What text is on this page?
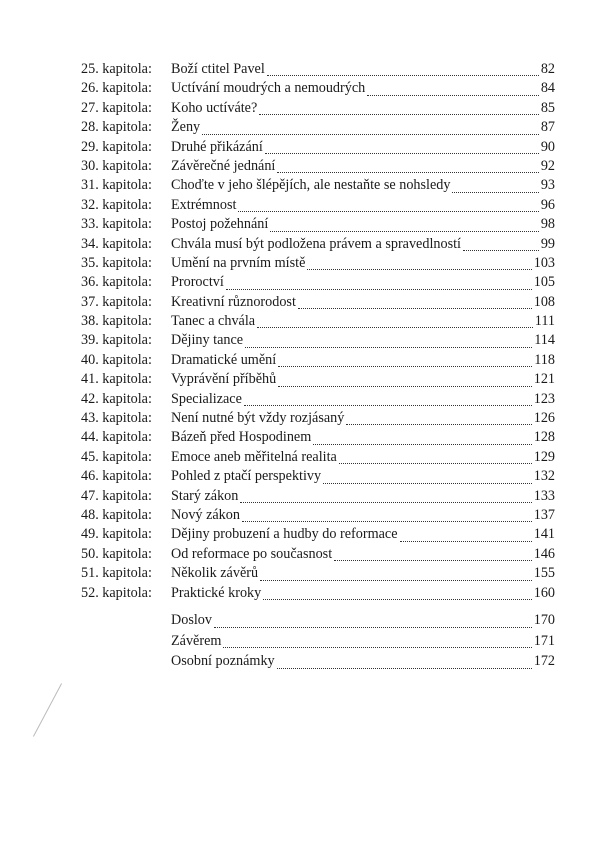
25. kapitola:	Boží ctitel Pavel	82
26. kapitola:	Uctívání moudrých a nemoudrých	84
27. kapitola:	Koho uctíváte?	85
28. kapitola:	Ženy	87
29. kapitola:	Druhé přikázání	90
30. kapitola:	Závěrečné jednání	92
31. kapitola:	Choďte v jeho šlépějích, ale nestaňte se nohsledy	93
32. kapitola:	Extrémnost	96
33. kapitola:	Postoj požehnání	98
34. kapitola:	Chvála musí být podložena právem a spravedlností	99
35. kapitola:	Umění na prvním místě	103
36. kapitola:	Proroctví	105
37. kapitola:	Kreativní různorodost	108
38. kapitola:	Tanec a chvála	111
39. kapitola:	Dějiny tance	114
40. kapitola:	Dramatické umění	118
41. kapitola:	Vyprávění příběhů	121
42. kapitola:	Specializace	123
43. kapitola:	Není nutné být vždy rozjásaný	126
44. kapitola:	Bázeň před Hospodinem	128
45. kapitola:	Emoce aneb měřitelná realita	129
46. kapitola:	Pohled z ptačí perspektivy	132
47. kapitola:	Starý zákon	133
48. kapitola:	Nový zákon	137
49. kapitola:	Dějiny probuzení a hudby do reformace	141
50. kapitola:	Od reformace po současnost	146
51. kapitola:	Několik závěrů	155
52. kapitola:	Praktické kroky	160
Doslov	170
Závěrem	171
Osobní poznámky	172
